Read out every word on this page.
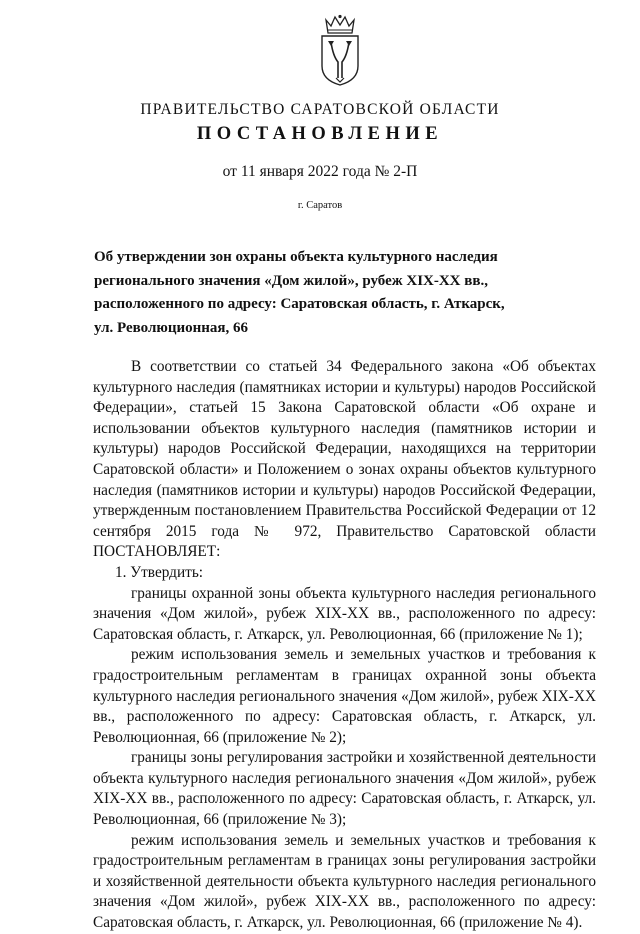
ПРАВИТЕЛЬСТВО САРАТОВСКОЙ ОБЛАСТИ
ПОСТАНОВЛЕНИЕ
от 11 января 2022 года № 2-П
г. Саратов
Об утверждении зон охраны объекта культурного наследия регионального значения «Дом жилой», рубеж XIX-XX вв., расположенного по адресу: Саратовская область, г. Аткарск, ул. Революционная, 66

В соответствии со статьей 34 Федерального закона «Об объектах культурного наследия (памятниках истории и культуры) народов Российской Федерации», статьей 15 Закона Саратовской области «Об охране и использовании объектов культурного наследия (памятников истории и культуры) народов Российской Федерации, находящихся на территории Саратовской области» и Положением о зонах охраны объектов культурного наследия (памятников истории и культуры) народов Российской Федерации, утвержденным постановлением Правительства Российской Федерации от 12 сентября 2015 года № 972, Правительство Саратовской области ПОСТАНОВЛЯЕТ:

1. Утвердить:

границы охранной зоны объекта культурного наследия регионального значения «Дом жилой», рубеж XIX-XX вв., расположенного по адресу: Саратовская область, г. Аткарск, ул. Революционная, 66 (приложение № 1);

режим использования земель и земельных участков и требования к градостроительным регламентам в границах охранной зоны объекта культурного наследия регионального значения «Дом жилой», рубеж XIX-XX вв., расположенного по адресу: Саратовская область, г. Аткарск, ул. Революционная, 66 (приложение № 2);

границы зоны регулирования застройки и хозяйственной деятельности объекта культурного наследия регионального значения «Дом жилой», рубеж XIX-XX вв., расположенного по адресу: Саратовская область, г. Аткарск, ул. Революционная, 66 (приложение № 3);

режим использования земель и земельных участков и требования к градостроительным регламентам в границах зоны регулирования застройки и хозяйственной деятельности объекта культурного наследия регионального значения «Дом жилой», рубеж XIX-XX вв., расположенного по адресу: Саратовская область, г. Аткарск, ул. Революционная, 66 (приложение № 4).
